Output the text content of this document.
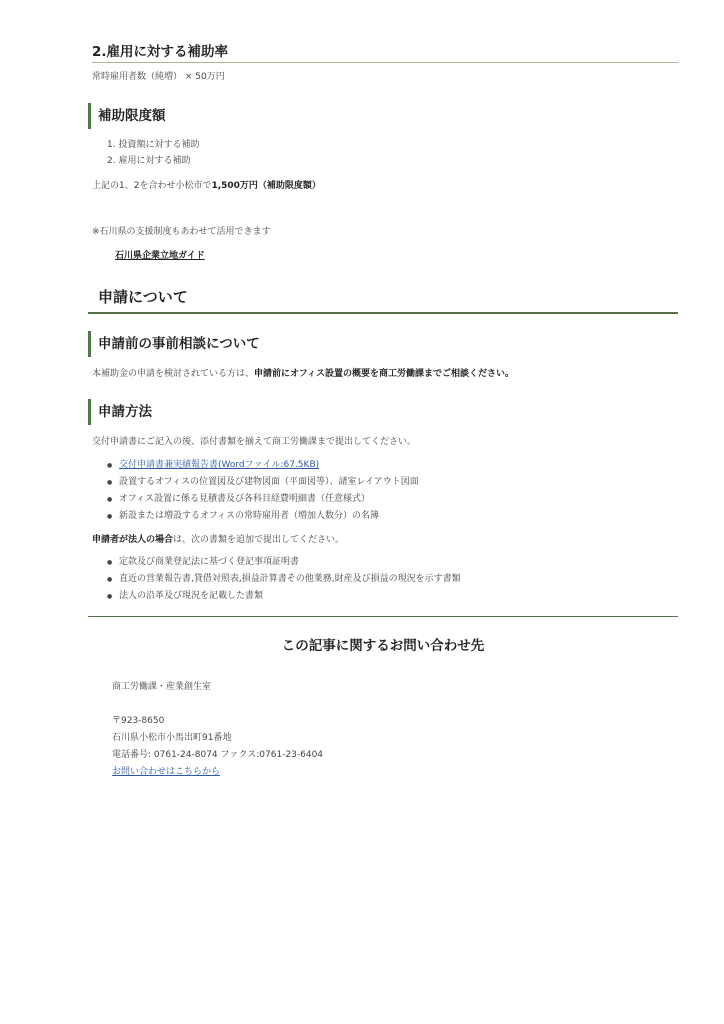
2.雇用に対する補助率
常時雇用者数（純増） × 50万円
補助限度額
1. 投資額に対する補助
2. 雇用に対する補助
上記の1、2を合わせ小松市で1,500万円（補助限度額）
※石川県の支援制度もあわせて活用できます
石川県企業立地ガイド
申請について
申請前の事前相談について
本補助金の申請を検討されている方は、申請前にオフィス設置の概要を商工労働課までご相談ください。
申請方法
交付申請書にご記入の後、添付書類を揃えて商工労働課まで提出してください。
● 交付申請書兼実績報告書(Wordファイル:67.5KB)
● 設置するオフィスの位置図及び建物図面（平面図等）、諸室レイアウト図面
● オフィス設置に係る見積書及び各科目経費明細書（任意様式）
● 新設または増設するオフィスの常時雇用者（増加人数分）の名簿
申請者が法人の場合は、次の書類を追加で提出してください。
● 定款及び商業登記法に基づく登記事項証明書
● 直近の営業報告書,貸借対照表,損益計算書その他業務,財産及び損益の現況を示す書類
● 法人の沿革及び現況を記載した書類
この記事に関するお問い合わせ先
商工労働課・産業創生室
〒923-8650
石川県小松市小馬出町91番地
電話番号: 0761-24-8074 ファクス:0761-23-6404
お問い合わせはこちらから
